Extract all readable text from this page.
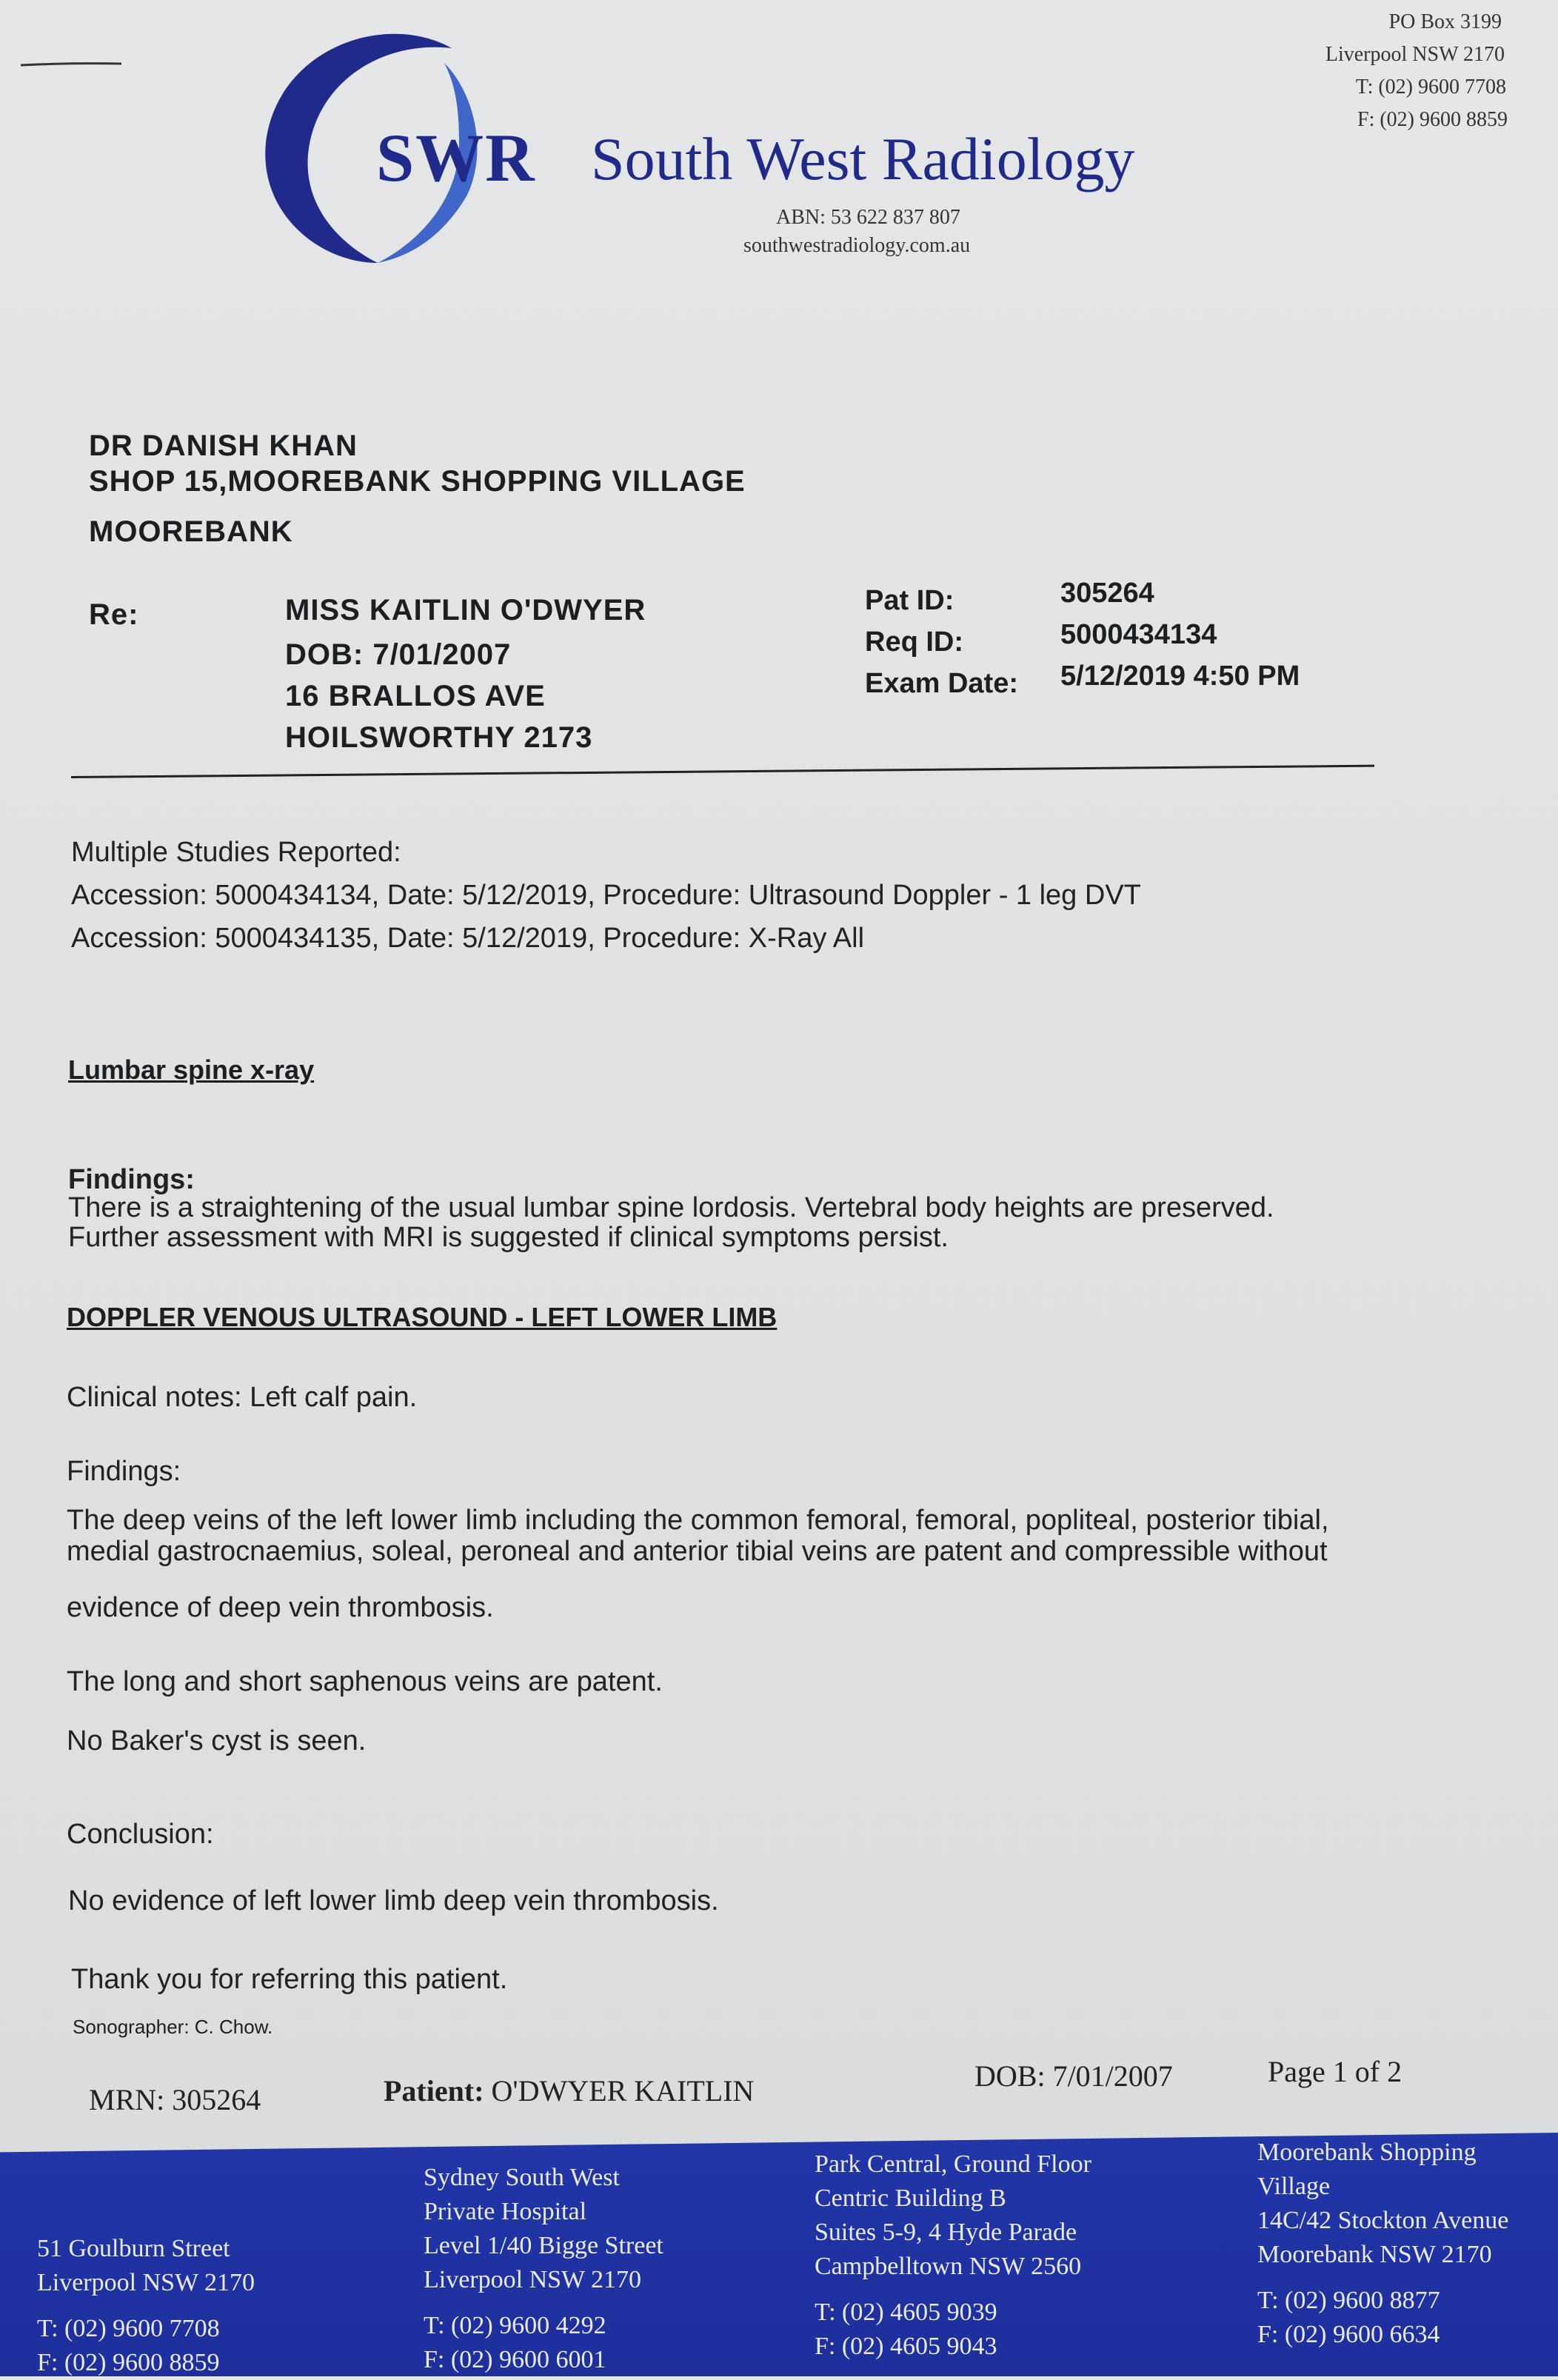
SWR South West Radiology
ABN: 53 622 837 807
southwestradiology.com.au
PO Box 3199
Liverpool NSW 2170
T: (02) 9600 7708
F: (02) 9600 8859
DR DANISH KHAN
SHOP 15,MOOREBANK SHOPPING VILLAGE
MOOREBANK
Re:	MISS KAITLIN O'DWYER
DOB: 7/01/2007
16 BRALLOS AVE
HOILSWORTHY 2173
Pat ID:	305264
Req ID:	5000434134
Exam Date: 5/12/2019 4:50 PM
Multiple Studies Reported:
Accession: 5000434134, Date: 5/12/2019, Procedure: Ultrasound Doppler - 1 leg DVT
Accession: 5000434135, Date: 5/12/2019, Procedure: X-Ray All
Lumbar spine x-ray
Findings:
There is a straightening of the usual lumbar spine lordosis. Vertebral body heights are preserved.
Further assessment with MRI is suggested if clinical symptoms persist.
DOPPLER VENOUS ULTRASOUND - LEFT LOWER LIMB
Clinical notes: Left calf pain.
Findings:
The deep veins of the left lower limb including the common femoral, femoral, popliteal, posterior tibial,
medial gastrocnaemius, soleal, peroneal and anterior tibial veins are patent and compressible without
evidence of deep vein thrombosis.
The long and short saphenous veins are patent.
No Baker's cyst is seen.
Conclusion:
No evidence of left lower limb deep vein thrombosis.
Thank you for referring this patient.
Sonographer: C. Chow.
MRN: 305264	Patient: O'DWYER KAITLIN	DOB: 7/01/2007	Page 1 of 2
51 Goulburn Street
Liverpool NSW 2170
T: (02) 9600 7708
F: (02) 9600 8859
Sydney South West
Private Hospital
Level 1/40 Bigge Street
Liverpool NSW 2170
T: (02) 9600 4292
F: (02) 9600 6001
Park Central, Ground Floor
Centric Building B
Suites 5-9, 4 Hyde Parade
Campbelltown NSW 2560
T: (02) 4605 9039
F: (02) 4605 9043
Moorebank Shopping
Village
14C/42 Stockton Avenue
Moorebank NSW 2170
T: (02) 9600 8877
F: (02) 9600 6634
